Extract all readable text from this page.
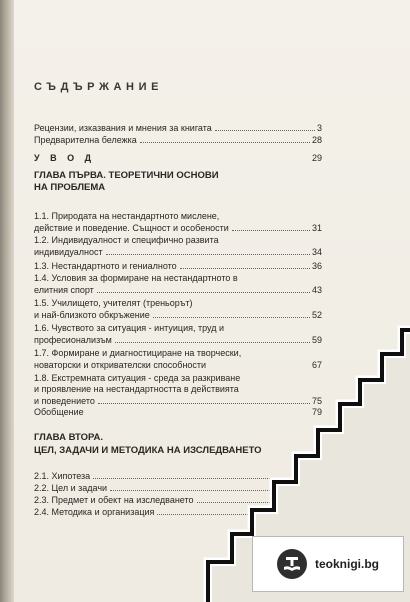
СЪДЪРЖАНИЕ
Рецензии, изказвания и мнения за книгата	3
Предварителна бележка	28
У В О Д	29
ГЛАВА ПЪРВА. ТЕОРЕТИЧНИ ОСНОВИ
НА ПРОБЛЕМА
1.1. Природата на нестандартното мислене,
действие и поведение. Същност и особености	31
1.2. Индивидуалност и специфично развита
индивидуалност	34
1.3. Нестандартното и гениалното	36
1.4. Условия за формиране на нестандартното в
елитния спорт	43
1.5. Училището, учителят (треньорът)
и най-близкото обкръжение	52
1.6. Чувството за ситуация - интуиция, труд и
професионализъм	59
1.7. Формиране и диагностициране на творчески,
новаторски и откривателски способности	67
1.8. Екстремната ситуация - среда за разкриване
и проявление на нестандартността в действията
и поведението	75
Обобщение	79
ГЛАВА ВТОРА.
ЦЕЛ, ЗАДАЧИ И МЕТОДИКА НА ИЗСЛЕДВАНЕТО
2.1. Хипотеза
2.2. Цел и задачи
2.3. Предмет и обект на изследването
2.4. Методика и организация
teoknigi.bg
